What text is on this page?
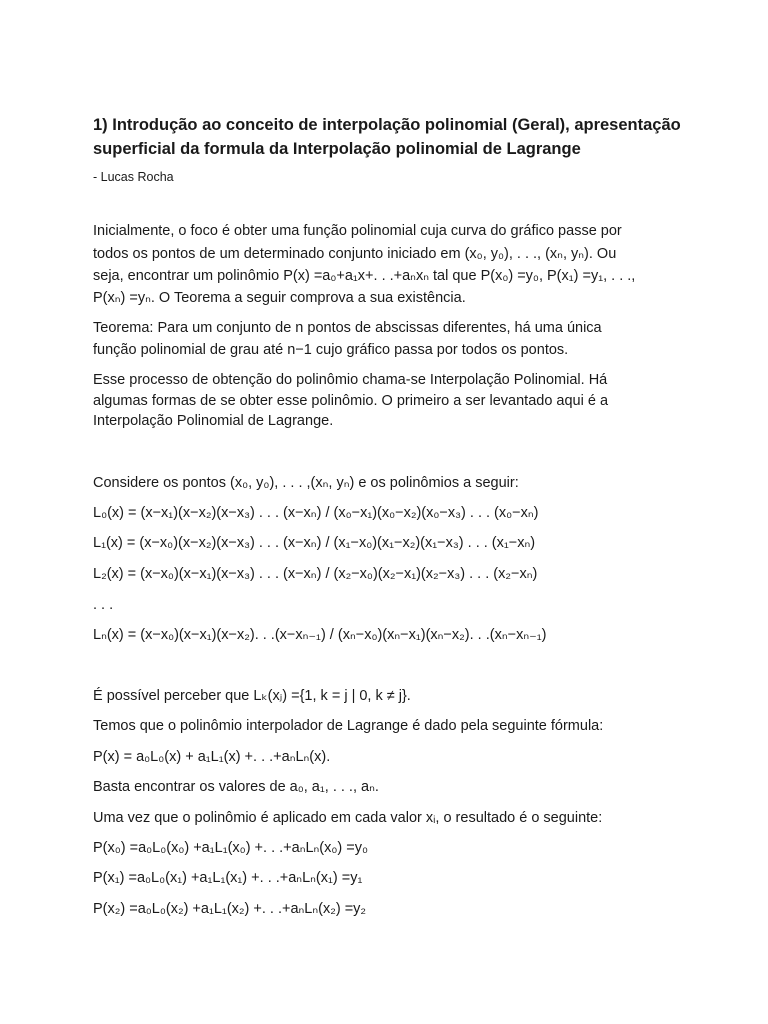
1) Introdução ao conceito de interpolação polinomial (Geral), apresentação superficial da formula da Interpolação polinomial de Lagrange

- Lucas Rocha

Inicialmente, o foco é obter uma função polinomial cuja curva do gráfico passe por

todos os pontos de um determinado conjunto iniciado em (x₀, y₀), . . ., (xₙ, yₙ). Ou

seja, encontrar um polinômio P(x) =a₀+a₁x+. . .+aₙxₙ tal que P(x₀) =y₀, P(x₁) =y₁, . . .,

P(xₙ) =yₙ. O Teorema a seguir comprova a sua existência.

Teorema: Para um conjunto de n pontos de abscissas diferentes, há uma única

função polinomial de grau até n−1 cujo gráfico passa por todos os pontos.

Esse processo de obtenção do polinômio chama-se Interpolação Polinomial. Há

algumas formas de se obter esse polinômio. O primeiro a ser levantado aqui é a

Interpolação Polinomial de Lagrange.

Considere os pontos (x₀, y₀), . . . ,(xₙ, yₙ) e os polinômios a seguir:

L₀(x) = (x−x₁)(x−x₂)(x−x₃) . . . (x−xₙ) / (x₀−x₁)(x₀−x₂)(x₀−x₃) . . . (x₀−xₙ)

L₁(x) = (x−x₀)(x−x₂)(x−x₃) . . . (x−xₙ) / (x₁−x₀)(x₁−x₂)(x₁−x₃) . . . (x₁−xₙ)

L₂(x) = (x−x₀)(x−x₁)(x−x₃) . . . (x−xₙ) / (x₂−x₀)(x₂−x₁)(x₂−x₃) . . . (x₂−xₙ)

. . .

Lₙ(x) = (x−x₀)(x−x₁)(x−x₂). . .(x−xₙ₋₁) / (xₙ−x₀)(xₙ−x₁)(xₙ−x₂). . .(xₙ−xₙ₋₁)

É possível perceber que Lₖ(xⱼ) ={1, k = j | 0, k ≠ j}.

Temos que o polinômio interpolador de Lagrange é dado pela seguinte fórmula:

P(x) = a₀L₀(x) + a₁L₁(x) +. . .+aₙLₙ(x).

Basta encontrar os valores de a₀, a₁, . . ., aₙ.

Uma vez que o polinômio é aplicado em cada valor xᵢ, o resultado é o seguinte:

P(x₀) =a₀L₀(x₀) +a₁L₁(x₀) +. . .+aₙLₙ(x₀) =y₀

P(x₁) =a₀L₀(x₁) +a₁L₁(x₁) +. . .+aₙLₙ(x₁) =y₁

P(x₂) =a₀L₀(x₂) +a₁L₁(x₂) +. . .+aₙLₙ(x₂) =y₂
